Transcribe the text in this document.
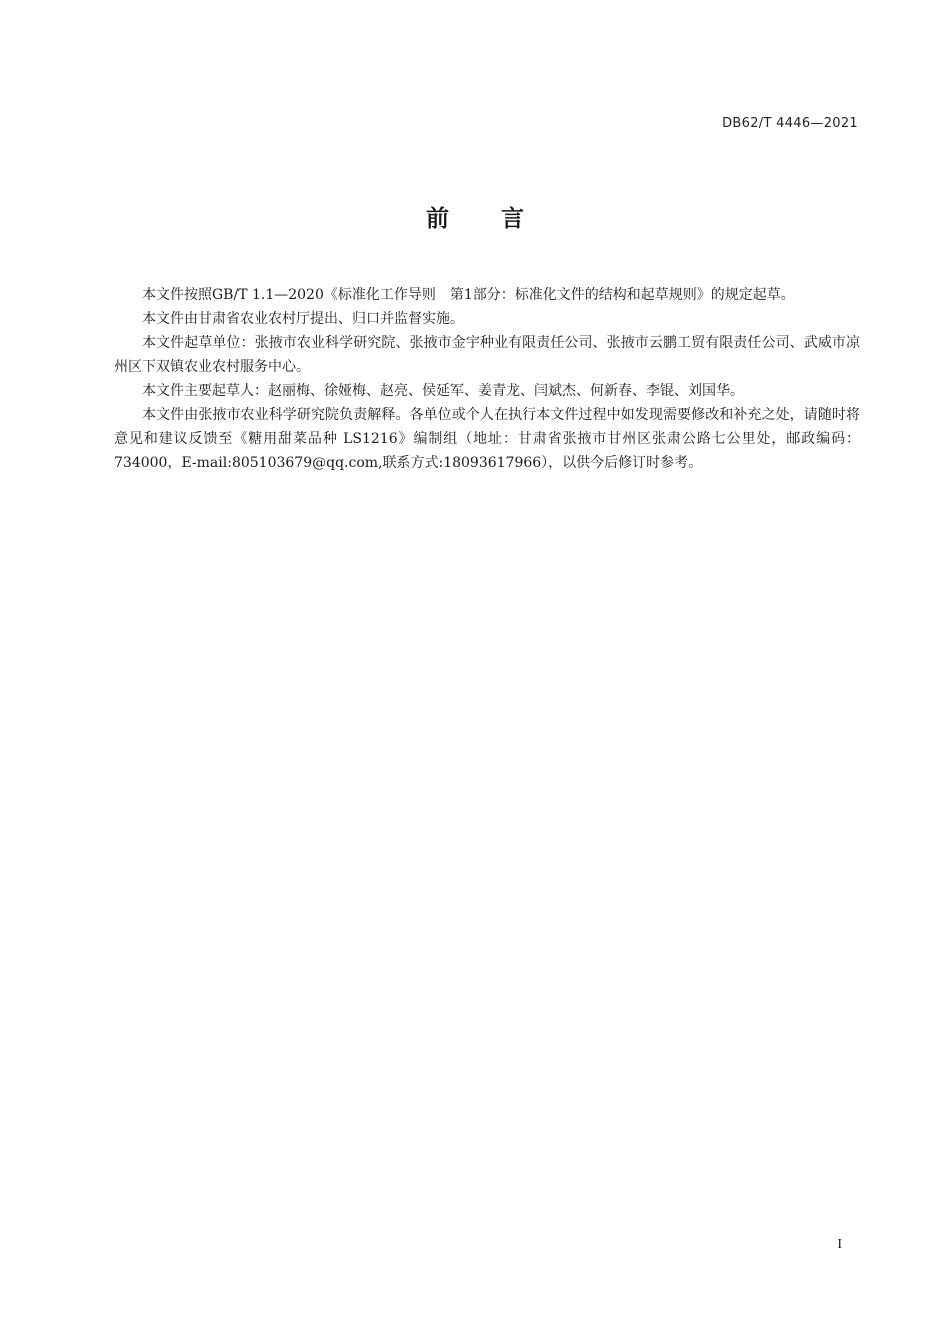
DB62/T 4446—2021
前 言

本文件按照GB/T 1.1—2020《标准化工作导则　第1部分：标准化文件的结构和起草规则》的规定起草。

本文件由甘肃省农业农村厅提出、归口并监督实施。

本文件起草单位：张掖市农业科学研究院、张掖市金宇种业有限责任公司、张掖市云鹏工贸有限责任公司、武威市凉州区下双镇农业农村服务中心。

本文件主要起草人：赵丽梅、徐娅梅、赵亮、侯延军、姜青龙、闫斌杰、何新春、李锟、刘国华。

本文件由张掖市农业科学研究院负责解释。各单位或个人在执行本文件过程中如发现需要修改和补充之处，请随时将意见和建议反馈至《糖用甜菜品种 LS1216》编制组（地址：甘肃省张掖市甘州区张肃公路七公里处，邮政编码：734000，E-mail:805103679@qq.com,联系方式:18093617966），以供今后修订时参考。

I
